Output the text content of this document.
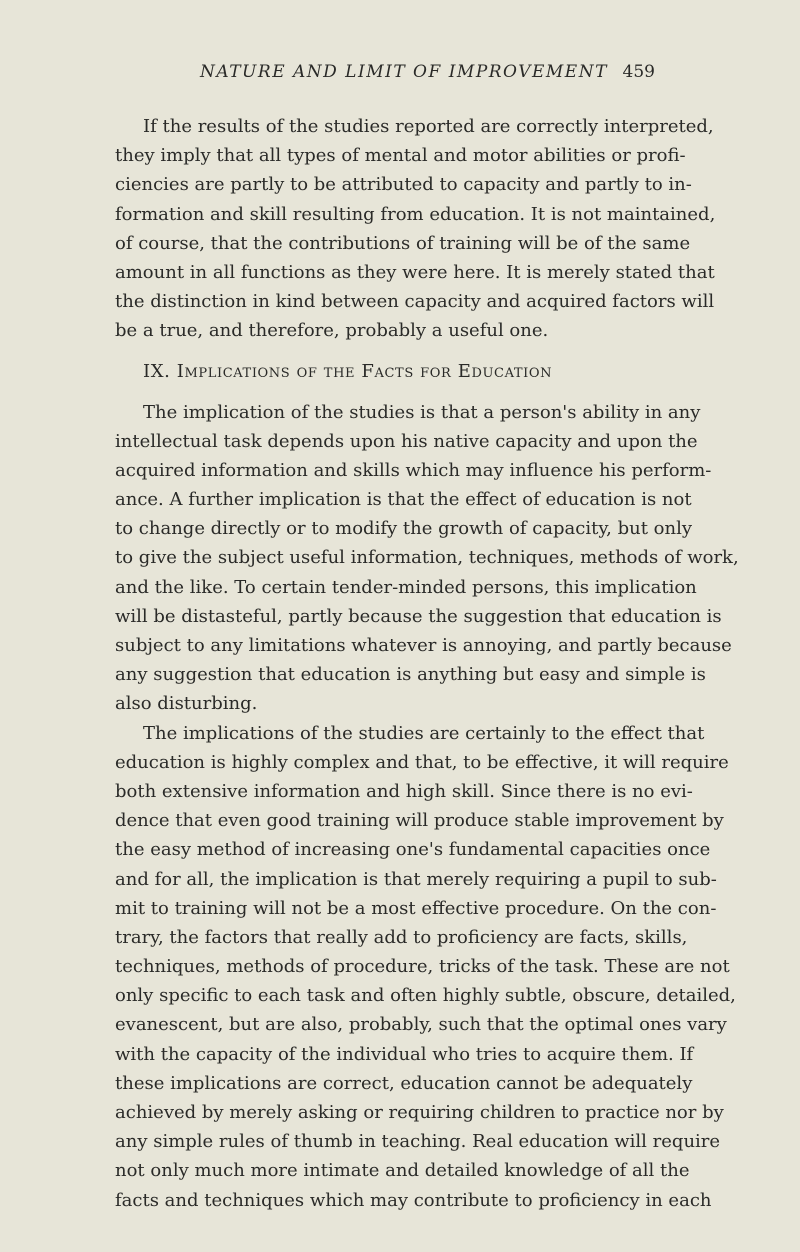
NATURE AND LIMIT OF IMPROVEMENT 459
If the results of the studies reported are correctly interpreted,
they imply that all types of mental and motor abilities or profi-
ciencies are partly to be attributed to capacity and partly to in-
formation and skill resulting from education. It is not maintained,
of course, that the contributions of training will be of the same
amount in all functions as they were here. It is merely stated that
the distinction in kind between capacity and acquired factors will
be a true, and therefore, probably a useful one.
IX. Implications of the Facts for Education
The implication of the studies is that a person's ability in any
intellectual task depends upon his native capacity and upon the
acquired information and skills which may influence his perform-
ance. A further implication is that the effect of education is not
to change directly or to modify the growth of capacity, but only
to give the subject useful information, techniques, methods of work,
and the like. To certain tender-minded persons, this implication
will be distasteful, partly because the suggestion that education is
subject to any limitations whatever is annoying, and partly because
any suggestion that education is anything but easy and simple is
also disturbing.
The implications of the studies are certainly to the effect that
education is highly complex and that, to be effective, it will require
both extensive information and high skill. Since there is no evi-
dence that even good training will produce stable improvement by
the easy method of increasing one's fundamental capacities once
and for all, the implication is that merely requiring a pupil to sub-
mit to training will not be a most effective procedure. On the con-
trary, the factors that really add to proficiency are facts, skills,
techniques, methods of procedure, tricks of the task. These are not
only specific to each task and often highly subtle, obscure, detailed,
evanescent, but are also, probably, such that the optimal ones vary
with the capacity of the individual who tries to acquire them. If
these implications are correct, education cannot be adequately
achieved by merely asking or requiring children to practice nor by
any simple rules of thumb in teaching. Real education will require
not only much more intimate and detailed knowledge of all the
facts and techniques which may contribute to proficiency in each
